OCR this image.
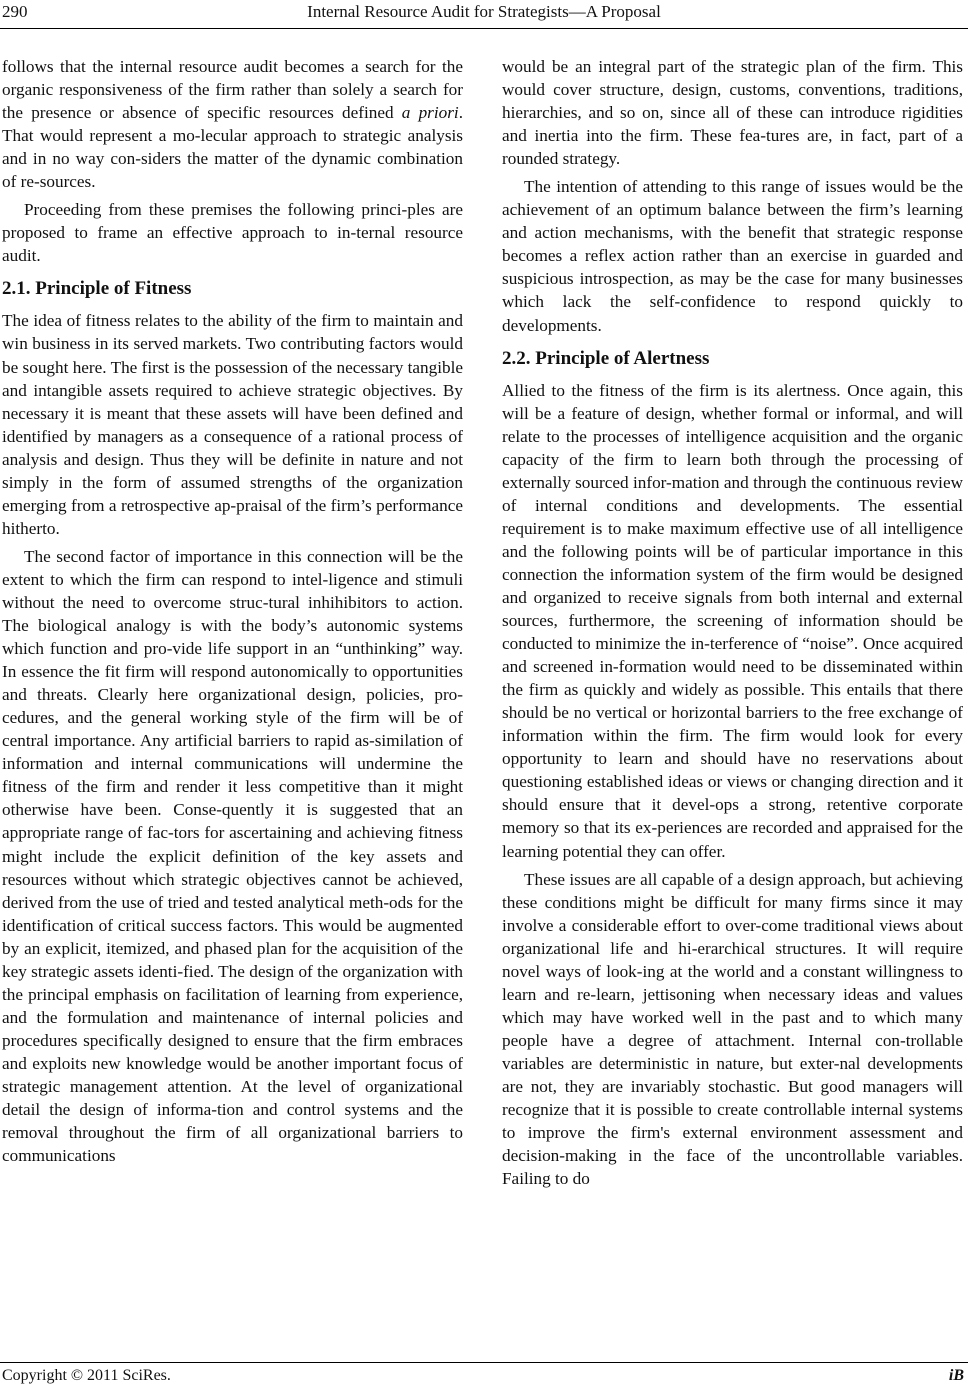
290	Internal Resource Audit for Strategists—A Proposal

follows that the internal resource audit becomes a search for the organic responsiveness of the firm rather than solely a search for the presence or absence of specific resources defined a priori. That would represent a mo-lecular approach to strategic analysis and in no way con-siders the matter of the dynamic combination of re-sources.

Proceeding from these premises the following princi-ples are proposed to frame an effective approach to in-ternal resource audit.

2.1. Principle of Fitness

The idea of fitness relates to the ability of the firm to maintain and win business in its served markets. Two contributing factors would be sought here. The first is the possession of the necessary tangible and intangible assets required to achieve strategic objectives. By necessary it is meant that these assets will have been defined and identified by managers as a consequence of a rational process of analysis and design. Thus they will be definite in nature and not simply in the form of assumed strengths of the organization emerging from a retrospective ap-praisal of the firm’s performance hitherto.

The second factor of importance in this connection will be the extent to which the firm can respond to intel-ligence and stimuli without the need to overcome struc-tural inhihibitors to action. The biological analogy is with the body’s autonomic systems which function and pro-vide life support in an “unthinking” way. In essence the fit firm will respond autonomically to opportunities and threats. Clearly here organizational design, policies, pro-cedures, and the general working style of the firm will be of central importance. Any artificial barriers to rapid as-similation of information and internal communications will undermine the fitness of the firm and render it less competitive than it might otherwise have been. Conse-quently it is suggested that an appropriate range of fac-tors for ascertaining and achieving fitness might include the explicit definition of the key assets and resources without which strategic objectives cannot be achieved, derived from the use of tried and tested analytical meth-ods for the identification of critical success factors. This would be augmented by an explicit, itemized, and phased plan for the acquisition of the key strategic assets identi-fied. The design of the organization with the principal emphasis on facilitation of learning from experience, and the formulation and maintenance of internal policies and procedures specifically designed to ensure that the firm embraces and exploits new knowledge would be another important focus of strategic management attention. At the level of organizational detail the design of informa-tion and control systems and the removal throughout the firm of all organizational barriers to communications

would be an integral part of the strategic plan of the firm. This would cover structure, design, customs, conventions, traditions, hierarchies, and so on, since all of these can introduce rigidities and inertia into the firm. These fea-tures are, in fact, part of a rounded strategy.

The intention of attending to this range of issues would be the achievement of an optimum balance between the firm’s learning and action mechanisms, with the benefit that strategic response becomes a reflex action rather than an exercise in guarded and suspicious introspection, as may be the case for many businesses which lack the self-confidence to respond quickly to developments.

2.2. Principle of Alertness

Allied to the fitness of the firm is its alertness. Once again, this will be a feature of design, whether formal or informal, and will relate to the processes of intelligence acquisition and the organic capacity of the firm to learn both through the processing of externally sourced infor-mation and through the continuous review of internal conditions and developments. The essential requirement is to make maximum effective use of all intelligence and the following points will be of particular importance in this connection the information system of the firm would be designed and organized to receive signals from both internal and external sources, furthermore, the screening of information should be conducted to minimize the in-terference of “noise”. Once acquired and screened in-formation would need to be disseminated within the firm as quickly and widely as possible. This entails that there should be no vertical or horizontal barriers to the free exchange of information within the firm. The firm would look for every opportunity to learn and should have no reservations about questioning established ideas or views or changing direction and it should ensure that it devel-ops a strong, retentive corporate memory so that its ex-periences are recorded and appraised for the learning potential they can offer.

These issues are all capable of a design approach, but achieving these conditions might be difficult for many firms since it may involve a considerable effort to over-come traditional views about organizational life and hi-erarchical structures. It will require novel ways of look-ing at the world and a constant willingness to learn and re-learn, jettisoning when necessary ideas and values which may have worked well in the past and to which many people have a degree of attachment. Internal con-trollable variables are deterministic in nature, but exter-nal developments are not, they are invariably stochastic. But good managers will recognize that it is possible to create controllable internal systems to improve the firm's external environment assessment and decision-making in the face of the uncontrollable variables. Failing to do

Copyright © 2011 SciRes.	iB
